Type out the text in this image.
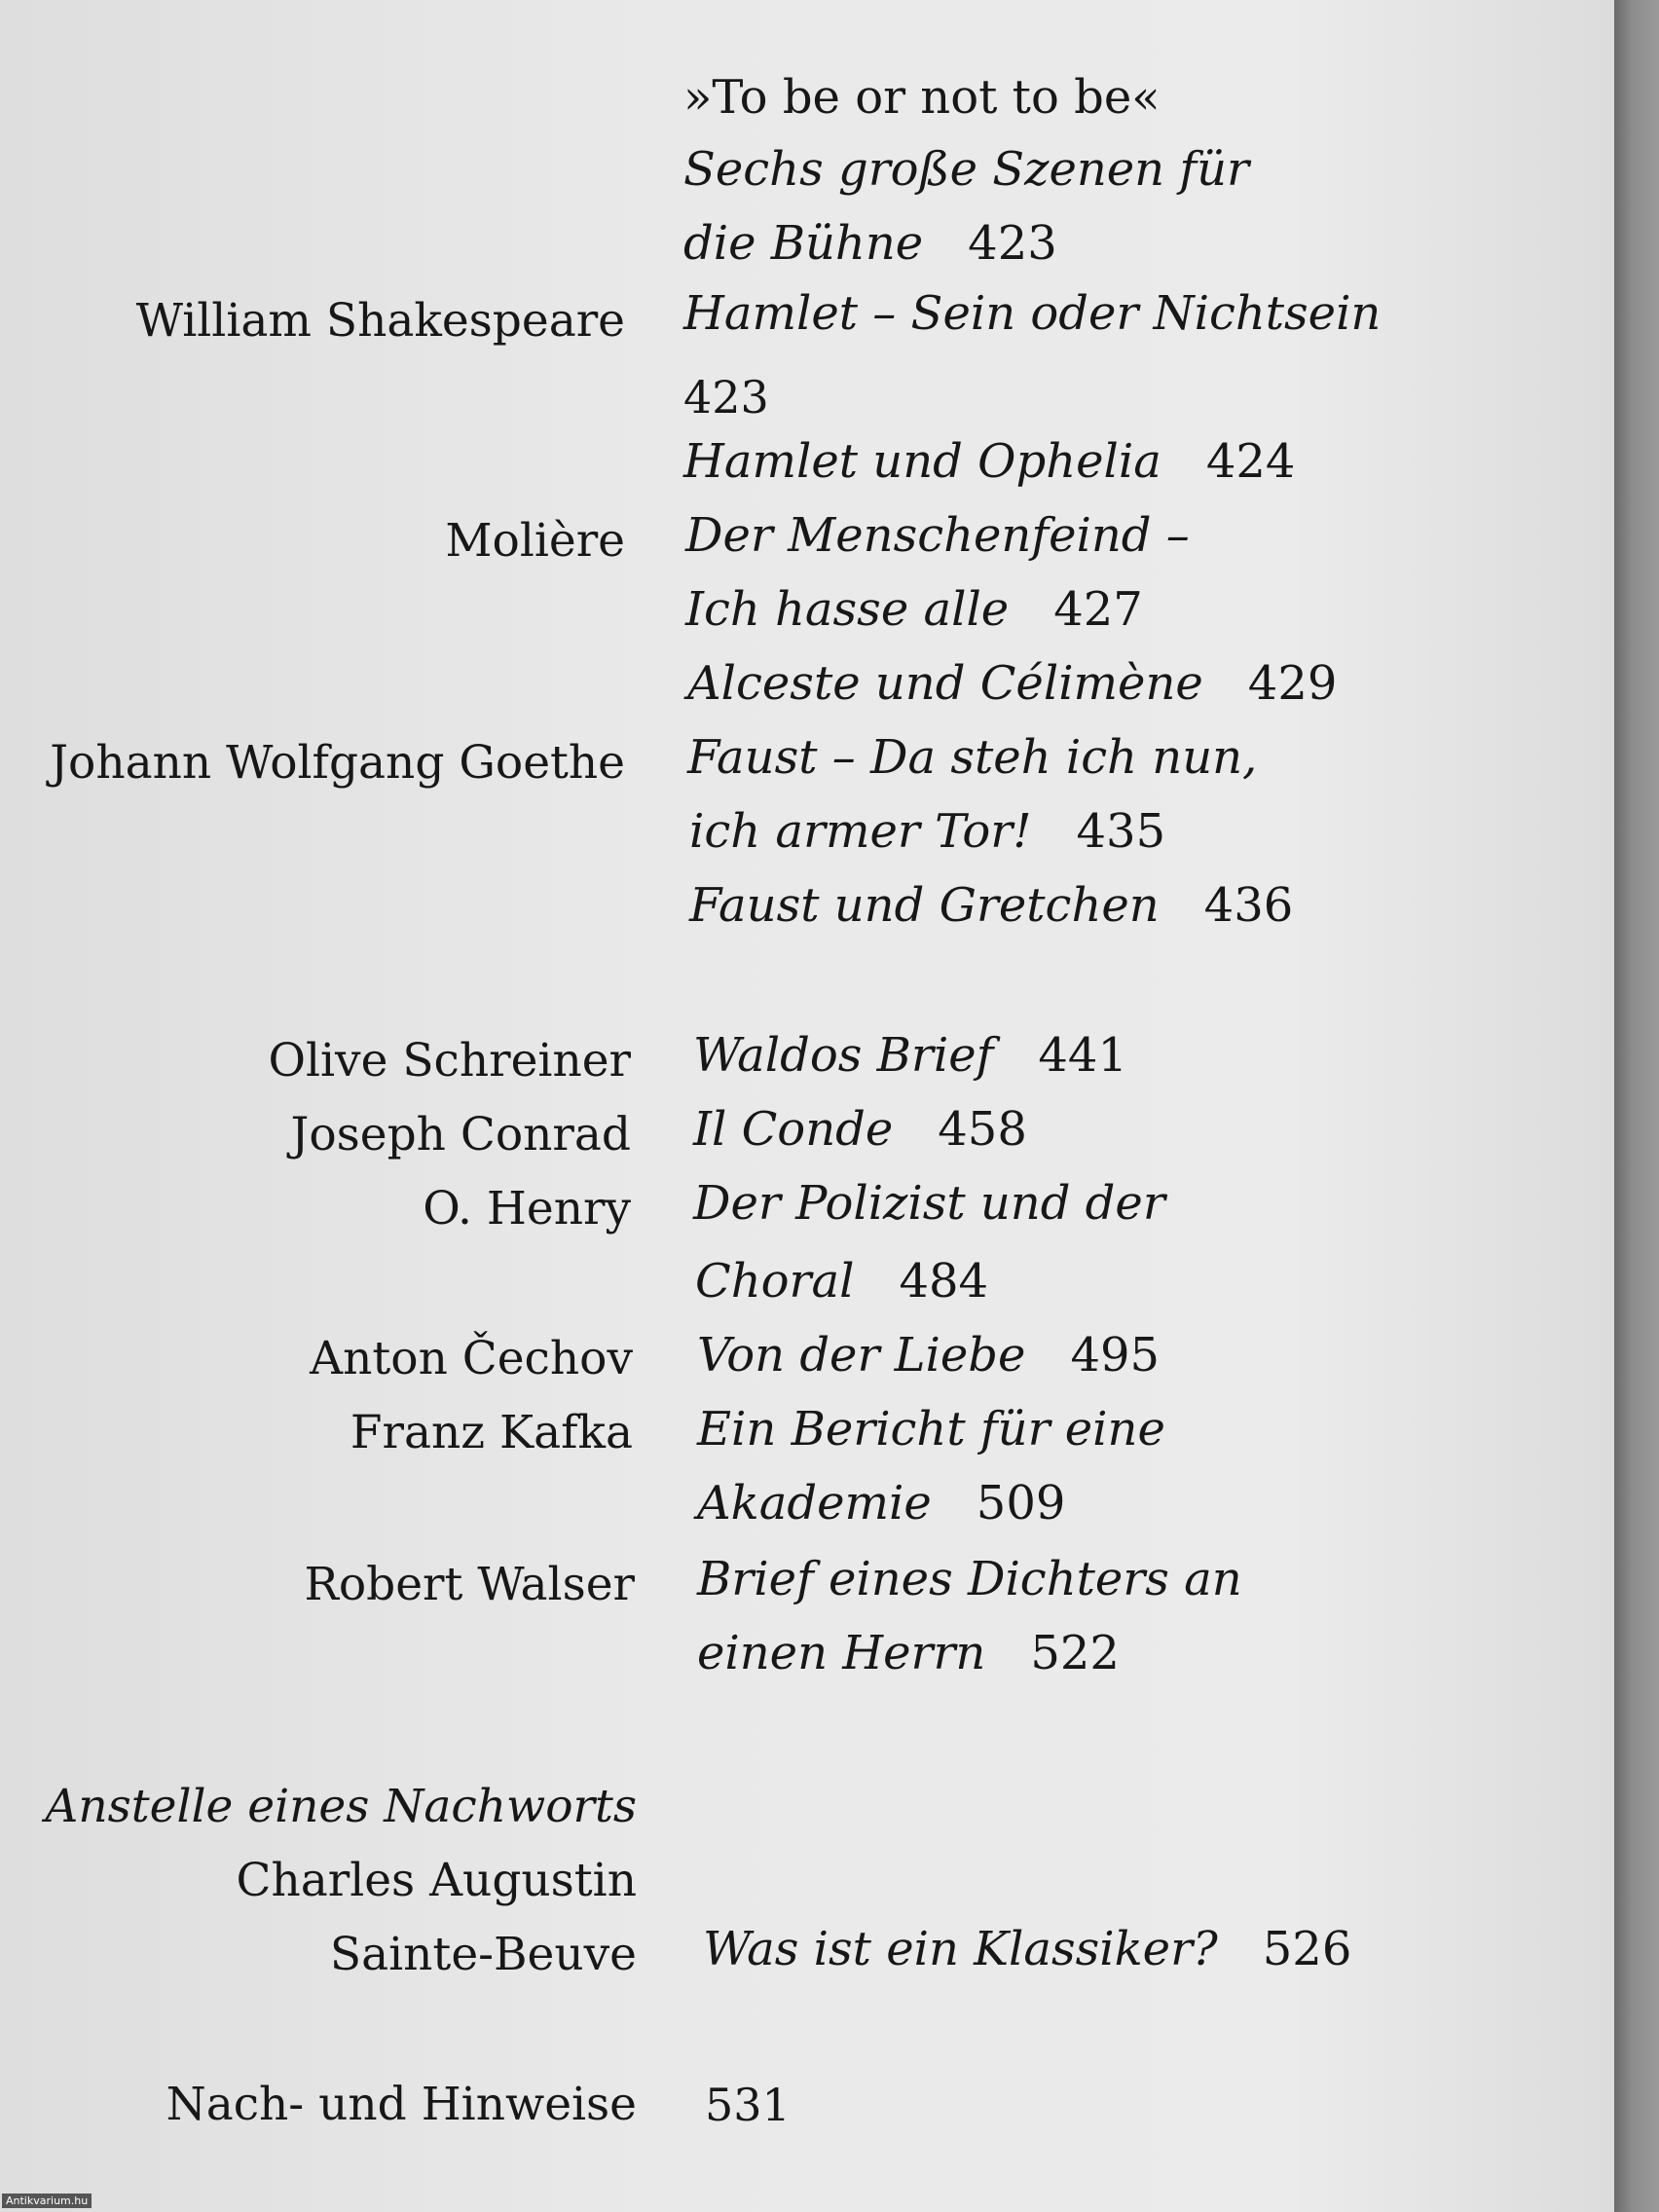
»To be or not to be«
Sechs große Szenen für
die Bühne 423
William Shakespeare Hamlet – Sein oder Nichtsein
423
Hamlet und Ophelia 424
Molière Der Menschenfeind –
Ich hasse alle 427
Alceste und Célimène 429
Johann Wolfgang Goethe Faust – Da steh ich nun,
ich armer Tor! 435
Faust und Gretchen 436
Olive Schreiner Waldos Brief 441
Joseph Conrad Il Conde 458
O. Henry Der Polizist und der
Choral 484
Anton Čechov Von der Liebe 495
Franz Kafka Ein Bericht für eine
Akademie 509
Robert Walser Brief eines Dichters an
einen Herrn 522
Anstelle eines Nachworts
Charles Augustin
Sainte-Beuve Was ist ein Klassiker? 526
Nach- und Hinweise 531
Antikvarium.hu
